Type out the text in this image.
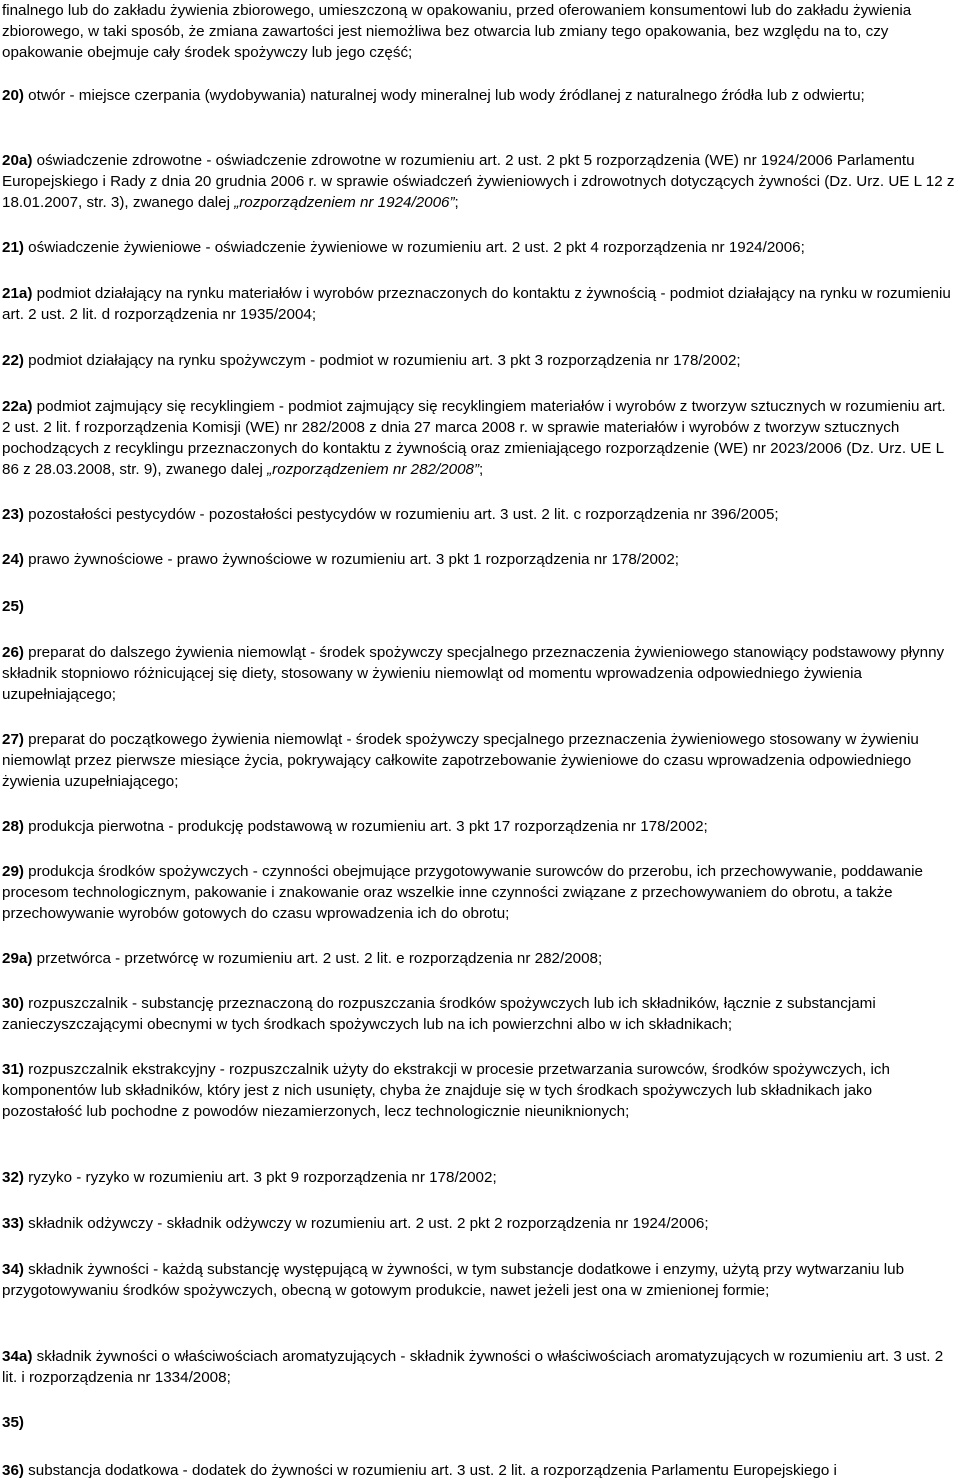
finalnego lub do zakładu żywienia zbiorowego, umieszczoną w opakowaniu, przed oferowaniem konsumentowi lub do zakładu żywienia zbiorowego, w taki sposób, że zmiana zawartości jest niemożliwa bez otwarcia lub zmiany tego opakowania, bez względu na to, czy opakowanie obejmuje cały środek spożywczy lub jego część;
20) otwór - miejsce czerpania (wydobywania) naturalnej wody mineralnej lub wody źródlanej z naturalnego źródła lub z odwiertu;
20a) oświadczenie zdrowotne - oświadczenie zdrowotne w rozumieniu art. 2 ust. 2 pkt 5 rozporządzenia (WE) nr 1924/2006 Parlamentu Europejskiego i Rady z dnia 20 grudnia 2006 r. w sprawie oświadczeń żywieniowych i zdrowotnych dotyczących żywności (Dz. Urz. UE L 12 z 18.01.2007, str. 3), zwanego dalej „rozporządzeniem nr 1924/2006”;
21) oświadczenie żywieniowe - oświadczenie żywieniowe w rozumieniu art. 2 ust. 2 pkt 4 rozporządzenia nr 1924/2006;
21a) podmiot działający na rynku materiałów i wyrobów przeznaczonych do kontaktu z żywnością - podmiot działający na rynku w rozumieniu art. 2 ust. 2 lit. d rozporządzenia nr 1935/2004;
22) podmiot działający na rynku spożywczym - podmiot w rozumieniu art. 3 pkt 3 rozporządzenia nr 178/2002;
22a) podmiot zajmujący się recyklingiem - podmiot zajmujący się recyklingiem materiałów i wyrobów z tworzyw sztucznych w rozumieniu art. 2 ust. 2 lit. f rozporządzenia Komisji (WE) nr 282/2008 z dnia 27 marca 2008 r. w sprawie materiałów i wyrobów z tworzyw sztucznych pochodzących z recyklingu przeznaczonych do kontaktu z żywnością oraz zmieniającego rozporządzenie (WE) nr 2023/2006 (Dz. Urz. UE L 86 z 28.03.2008, str. 9), zwanego dalej „rozporządzeniem nr 282/2008”;
23) pozostałości pestycydów - pozostałości pestycydów w rozumieniu art. 3 ust. 2 lit. c rozporządzenia nr 396/2005;
24) prawo żywnościowe - prawo żywnościowe w rozumieniu art. 3 pkt 1 rozporządzenia nr 178/2002;
25)
26) preparat do dalszego żywienia niemowląt - środek spożywczy specjalnego przeznaczenia żywieniowego stanowiący podstawowy płynny składnik stopniowo różnicującej się diety, stosowany w żywieniu niemowląt od momentu wprowadzenia odpowiedniego żywienia uzupełniającego;
27) preparat do początkowego żywienia niemowląt - środek spożywczy specjalnego przeznaczenia żywieniowego stosowany w żywieniu niemowląt przez pierwsze miesiące życia, pokrywający całkowite zapotrzebowanie żywieniowe do czasu wprowadzenia odpowiedniego żywienia uzupełniającego;
28) produkcja pierwotna - produkcję podstawową w rozumieniu art. 3 pkt 17 rozporządzenia nr 178/2002;
29) produkcja środków spożywczych - czynności obejmujące przygotowywanie surowców do przerobu, ich przechowywanie, poddawanie procesom technologicznym, pakowanie i znakowanie oraz wszelkie inne czynności związane z przechowywaniem do obrotu, a także przechowywanie wyrobów gotowych do czasu wprowadzenia ich do obrotu;
29a) przetwórca - przetwórcę w rozumieniu art. 2 ust. 2 lit. e rozporządzenia nr 282/2008;
30) rozpuszczalnik - substancję przeznaczoną do rozpuszczania środków spożywczych lub ich składników, łącznie z substancjami zanieczyszczającymi obecnymi w tych środkach spożywczych lub na ich powierzchni albo w ich składnikach;
31) rozpuszczalnik ekstrakcyjny - rozpuszczalnik użyty do ekstrakcji w procesie przetwarzania surowców, środków spożywczych, ich komponentów lub składników, który jest z nich usunięty, chyba że znajduje się w tych środkach spożywczych lub składnikach jako pozostałość lub pochodne z powodów niezamierzonych, lecz technologicznie nieuniknionych;
32) ryzyko - ryzyko w rozumieniu art. 3 pkt 9 rozporządzenia nr 178/2002;
33) składnik odżywczy - składnik odżywczy w rozumieniu art. 2 ust. 2 pkt 2 rozporządzenia nr 1924/2006;
34) składnik żywności - każdą substancję występującą w żywności, w tym substancje dodatkowe i enzymy, użytą przy wytwarzaniu lub przygotowywaniu środków spożywczych, obecną w gotowym produkcie, nawet jeżeli jest ona w zmienionej formie;
34a) składnik żywności o właściwościach aromatyzujących - składnik żywności o właściwościach aromatyzujących w rozumieniu art. 3 ust. 2 lit. i rozporządzenia nr 1334/2008;
35)
36) substancja dodatkowa - dodatek do żywności w rozumieniu art. 3 ust. 2 lit. a rozporządzenia Parlamentu Europejskiego i
